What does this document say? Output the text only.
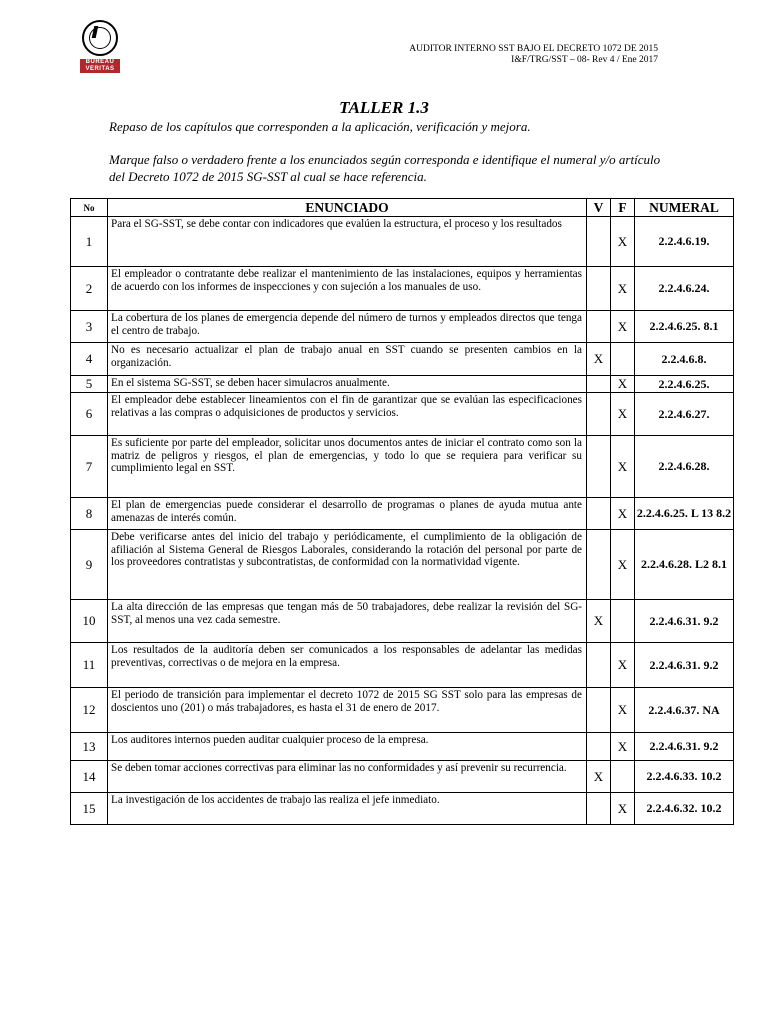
BUREAU
VERITAS
AUDITOR INTERNO SST BAJO EL DECRETO 1072 DE 2015
I&F/TRG/SST – 08- Rev 4 / Ene 2017
TALLER 1.3
Repaso de los capítulos que corresponden a la aplicación, verificación y mejora.
Marque falso o verdadero frente a los enunciados según corresponda e identifique el numeral y/o artículo del Decreto 1072 de 2015 SG-SST al cual se hace referencia.
No	ENUNCIADO	V	F	NUMERAL
1	Para el SG-SST, se debe contar con indicadores que evalúen la estructura, el proceso y los resultados		X	2.2.4.6.19.
2	El empleador o contratante debe realizar el mantenimiento de las instalaciones, equipos y herramientas de acuerdo con los informes de inspecciones y con sujeción a los manuales de uso.		X	2.2.4.6.24.
3	La cobertura de los planes de emergencia depende del número de turnos y empleados directos que tenga el centro de trabajo.		X	2.2.4.6.25. 8.1
4	No es necesario actualizar el plan de trabajo anual en SST cuando se presenten cambios en la organización.	X		2.2.4.6.8.
5	En el sistema SG-SST, se deben hacer simulacros anualmente.		X	2.2.4.6.25.
6	El empleador debe establecer lineamientos con el fin de garantizar que se evalúan las especificaciones relativas a las compras o adquisiciones de productos y servicios.		X	2.2.4.6.27.
7	Es suficiente por parte del empleador, solicitar unos documentos antes de iniciar el contrato como son la matriz de peligros y riesgos, el plan de emergencias, y todo lo que se requiera para verificar su cumplimiento legal en SST.		X	2.2.4.6.28.
8	El plan de emergencias puede considerar el desarrollo de programas o planes de ayuda mutua ante amenazas de interés común.		X	2.2.4.6.25. L 13 8.2
9	Debe verificarse antes del inicio del trabajo y periódicamente, el cumplimiento de la obligación de afiliación al Sistema General de Riesgos Laborales, considerando la rotación del personal por parte de los proveedores contratistas y subcontratistas, de conformidad con la normatividad vigente.		X	2.2.4.6.28. L2 8.1
10	La alta dirección de las empresas que tengan más de 50 trabajadores, debe realizar la revisión del SG-SST, al menos una vez cada semestre.	X		2.2.4.6.31. 9.2
11	Los resultados de la auditoría deben ser comunicados a los responsables de adelantar las medidas preventivas, correctivas o de mejora en la empresa.		X	2.2.4.6.31. 9.2
12	El periodo de transición para implementar el decreto 1072 de 2015 SG SST solo para las empresas de doscientos uno (201) o más trabajadores, es hasta el 31 de enero de 2017.		X	2.2.4.6.37. NA
13	Los auditores internos pueden auditar cualquier proceso de la empresa.		X	2.2.4.6.31. 9.2
14	Se deben tomar acciones correctivas para eliminar las no conformidades y así prevenir su recurrencia.	X		2.2.4.6.33. 10.2
15	La investigación de los accidentes de trabajo las realiza el jefe inmediato.		X	2.2.4.6.32. 10.2
